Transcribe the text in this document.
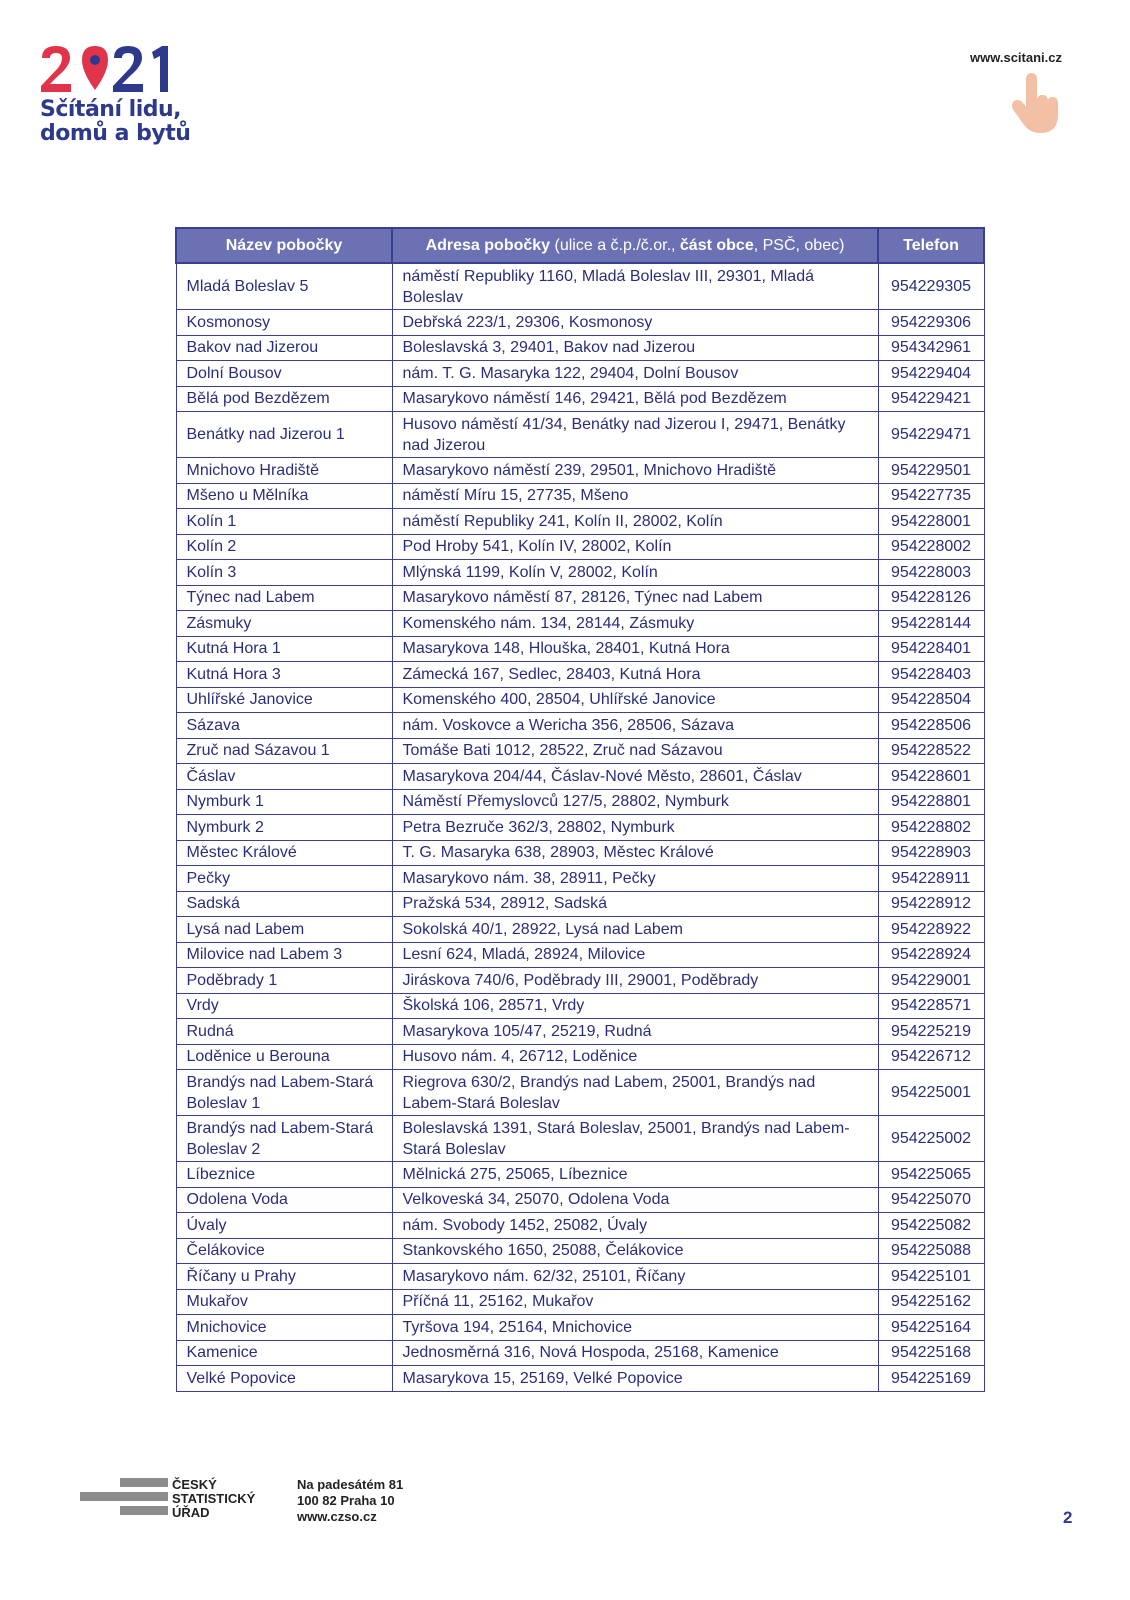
Sčítání lidu,
domů a bytů
www.scitani.cz
Název pobočky	Adresa pobočky (ulice a č.p./č.or., část obce, PSČ, obec)	Telefon
Mladá Boleslav 5	náměstí Republiky 1160, Mladá Boleslav III, 29301, Mladá Boleslav	954229305
Kosmonosy	Debřská 223/1, 29306, Kosmonosy	954229306
Bakov nad Jizerou	Boleslavská 3, 29401, Bakov nad Jizerou	954342961
Dolní Bousov	nám. T. G. Masaryka 122, 29404, Dolní Bousov	954229404
Bělá pod Bezdězem	Masarykovo náměstí 146, 29421, Bělá pod Bezdězem	954229421
Benátky nad Jizerou 1	Husovo náměstí 41/34, Benátky nad Jizerou I, 29471, Benátky nad Jizerou	954229471
Mnichovo Hradiště	Masarykovo náměstí 239, 29501, Mnichovo Hradiště	954229501
Mšeno u Mělníka	náměstí Míru 15, 27735, Mšeno	954227735
Kolín 1	náměstí Republiky 241, Kolín II, 28002, Kolín	954228001
Kolín 2	Pod Hroby 541, Kolín IV, 28002, Kolín	954228002
Kolín 3	Mlýnská 1199, Kolín V, 28002, Kolín	954228003
Týnec nad Labem	Masarykovo náměstí 87, 28126, Týnec nad Labem	954228126
Zásmuky	Komenského nám. 134, 28144, Zásmuky	954228144
Kutná Hora 1	Masarykova 148, Hlouška, 28401, Kutná Hora	954228401
Kutná Hora 3	Zámecká 167, Sedlec, 28403, Kutná Hora	954228403
Uhlířské Janovice	Komenského 400, 28504, Uhlířské Janovice	954228504
Sázava	nám. Voskovce a Wericha 356, 28506, Sázava	954228506
Zruč nad Sázavou 1	Tomáše Bati 1012, 28522, Zruč nad Sázavou	954228522
Čáslav	Masarykova 204/44, Čáslav-Nové Město, 28601, Čáslav	954228601
Nymburk 1	Náměstí Přemyslovců 127/5, 28802, Nymburk	954228801
Nymburk 2	Petra Bezruče 362/3, 28802, Nymburk	954228802
Městec Králové	T. G. Masaryka 638, 28903, Městec Králové	954228903
Pečky	Masarykovo nám. 38, 28911, Pečky	954228911
Sadská	Pražská 534, 28912, Sadská	954228912
Lysá nad Labem	Sokolská 40/1, 28922, Lysá nad Labem	954228922
Milovice nad Labem 3	Lesní 624, Mladá, 28924, Milovice	954228924
Poděbrady 1	Jiráskova 740/6, Poděbrady III, 29001, Poděbrady	954229001
Vrdy	Školská 106, 28571, Vrdy	954228571
Rudná	Masarykova 105/47, 25219, Rudná	954225219
Loděnice u Berouna	Husovo nám. 4, 26712, Loděnice	954226712
Brandýs nad Labem-Stará Boleslav 1	Riegrova 630/2, Brandýs nad Labem, 25001, Brandýs nad Labem-Stará Boleslav	954225001
Brandýs nad Labem-Stará Boleslav 2	Boleslavská 1391, Stará Boleslav, 25001, Brandýs nad Labem-Stará Boleslav	954225002
Líbeznice	Mělnická 275, 25065, Líbeznice	954225065
Odolena Voda	Velkoveská 34, 25070, Odolena Voda	954225070
Úvaly	nám. Svobody 1452, 25082, Úvaly	954225082
Čelákovice	Stankovského 1650, 25088, Čelákovice	954225088
Říčany u Prahy	Masarykovo nám. 62/32, 25101, Říčany	954225101
Mukařov	Příčná 11, 25162, Mukařov	954225162
Mnichovice	Tyršova 194, 25164, Mnichovice	954225164
Kamenice	Jednosměrná 316, Nová Hospoda, 25168, Kamenice	954225168
Velké Popovice	Masarykova 15, 25169, Velké Popovice	954225169
ČESKÝ
STATISTICKÝ
ÚŘAD
Na padesátém 81
100 82 Praha 10
www.czso.cz	2
